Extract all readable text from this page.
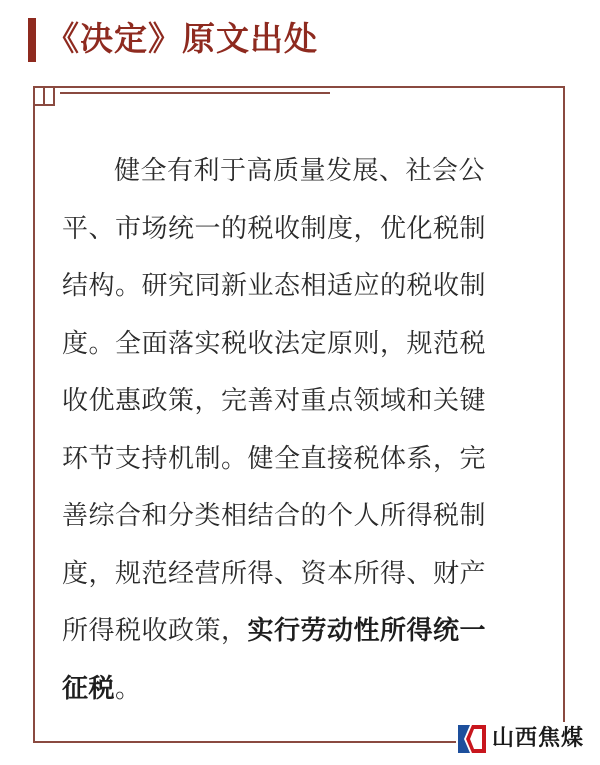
《决定》原文出处
健全有利于高质量发展、社会公
平、市场统一的税收制度，优化税制
结构。研究同新业态相适应的税收制
度。全面落实税收法定原则，规范税
收优惠政策，完善对重点领域和关键
环节支持机制。健全直接税体系，完
善综合和分类相结合的个人所得税制
度，规范经营所得、资本所得、财产
所得税收政策，实行劳动性所得统一
征税。
山西焦煤
